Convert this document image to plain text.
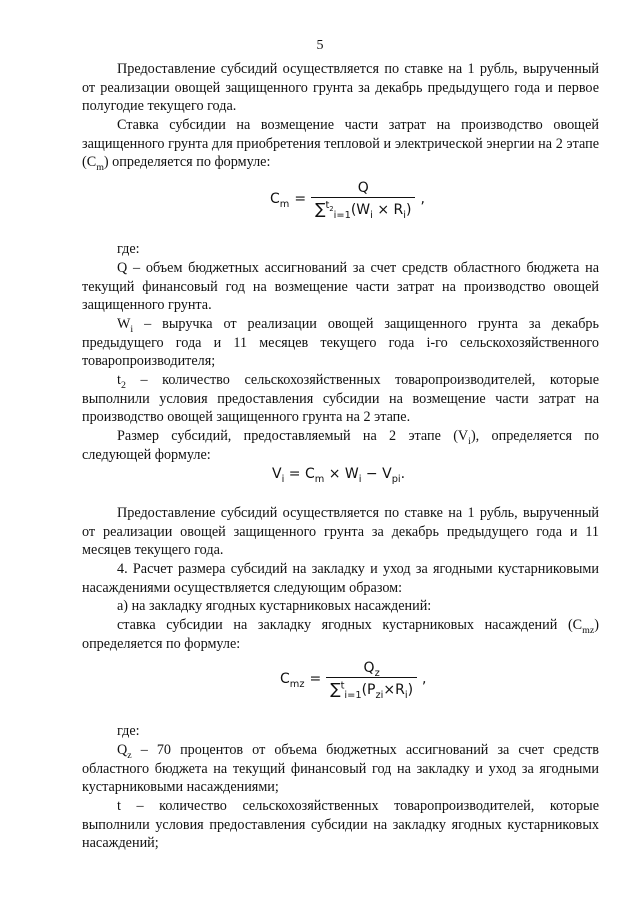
5
Предоставление субсидий осуществляется по ставке на 1 рубль, вырученный от реализации овощей защищенного грунта за декабрь предыдущего года и первое полугодие текущего года.
Ставка субсидии на возмещение части затрат на производство овощей защищенного грунта для приобретения тепловой и электрической энергии на 2 этапе $(C_m)$ определяется по формуле:
$C_m = \frac{Q}{\sum^{t_2}_{i=1}(W_i \times R_i)}$ ,
где:
Q – объем бюджетных ассигнований за счет средств областного бюджета на текущий финансовый год на возмещение части затрат на производство овощей защищенного грунта.
$W_i$ – выручка от реализации овощей защищенного грунта за декабрь предыдущего года и 11 месяцев текущего года i-го сельскохозяйственного товаропроизводителя;
$t_2$ – количество сельскохозяйственных товаропроизводителей, которые выполнили условия предоставления субсидии на возмещение части затрат на производство овощей защищенного грунта на 2 этапе.
Размер субсидий, предоставляемый на 2 этапе $(V_i)$, определяется по следующей формуле:
$V_i = C_m \times W_i - V_{pi}$.
Предоставление субсидий осуществляется по ставке на 1 рубль, вырученный от реализации овощей защищенного грунта за декабрь предыдущего года и 11 месяцев текущего года.
4. Расчет размера субсидий на закладку и уход за ягодными кустарниковыми насаждениями осуществляется следующим образом:
а) на закладку ягодных кустарниковых насаждений:
ставка субсидии на закладку ягодных кустарниковых насаждений $(C_{mz})$ определяется по формуле:
$C_{mz} = \frac{Q_z}{\sum^t_{i=1}(P_{zi}\times R_i)}$ ,
где:
$Q_z - 70$ процентов от объема бюджетных ассигнований за счет средств областного бюджета на текущий финансовый год на закладку и уход за ягодными кустарниковыми насаждениями;
t – количество сельскохозяйственных товаропроизводителей, которые выполнили условия предоставления субсидии на закладку ягодных кустарниковых насаждений;
